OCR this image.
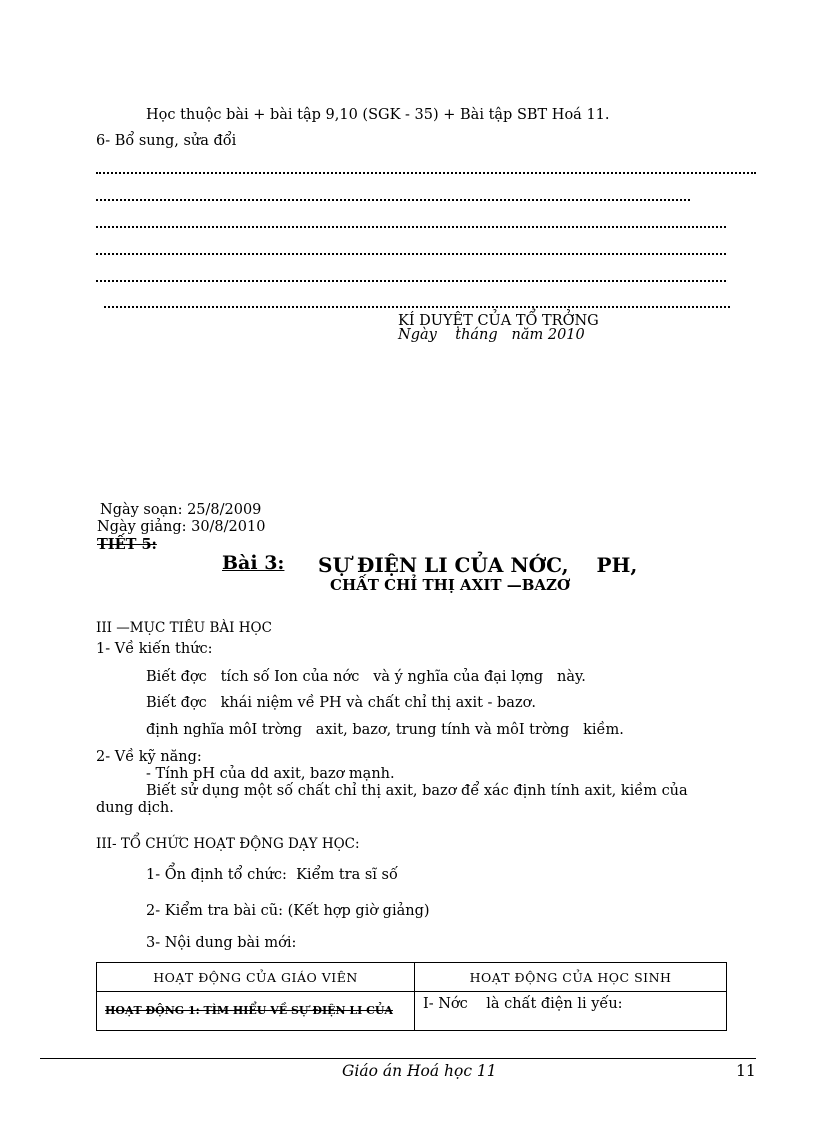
Học thuộc bài + bài tập 9,10 (SGK - 35) + Bài tập SBT Hoá 11.
6- Bổ sung, sửa đổi
KÍ DUYỆT CỦA TỔ TRỞNG
Ngày    tháng   năm 2010
Ngày soạn: 25/8/2009
Ngày giảng: 30/8/2010
TIẾT 5:
Bài 3: SỰ ĐIỆN LI CỦA NỚC,    PH,
CHẤT CHỈ THỊ AXIT —BAZƠ
III —MỤC TIÊU BÀI HỌC
1- Về kiến thức:
Biết đợc   tích số Ion của nớc   và ý nghĩa của đại lợng   này.
Biết đợc   khái niệm về PH và chất chỉ thị axit - bazơ.
định nghĩa môI trờng   axit, bazơ, trung tính và môI trờng   kiềm.
2- Về kỹ năng:
- Tính pH của dd axit, bazơ mạnh.
Biết sử dụng một số chất chỉ thị axit, bazơ để xác định tính axit, kiềm của
dung dịch.
III- TỔ CHỨC HOẠT ĐỘNG DẠY HỌC:
1- Ổn định tổ chức:  Kiểm tra sĩ số
2- Kiểm tra bài cũ: (Kết hợp giờ giảng)
3- Nội dung bài mới:
HOẠT ĐỘNG CỦA GIÁO VIÊN	HOẠT ĐỘNG CỦA HỌC SINH
HOẠT ĐỘNG 1: TÌM HIỂU VỀ SỰ ĐIỆN LI CỦA	I- Nớc    là chất điện li yếu:
Giáo án Hoá học 11	11
